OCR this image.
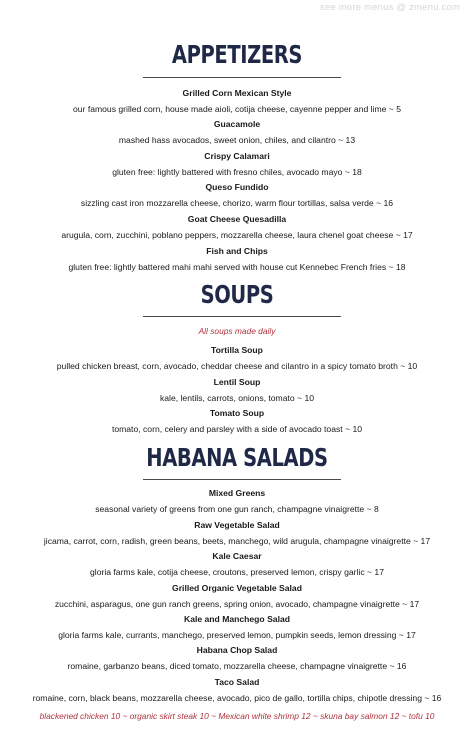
see more menus @ zmenu.com
APPETIZERS
Grilled Corn Mexican Style
our famous grilled corn, house made aioli, cotija cheese, cayenne pepper and lime ~ 5
Guacamole
mashed hass avocados, sweet onion, chiles, and cilantro ~ 13
Crispy Calamari
gluten free: lightly battered with fresno chiles, avocado mayo ~ 18
Queso Fundido
sizzling cast iron mozzarella cheese, chorizo, warm flour tortillas, salsa verde ~ 16
Goat Cheese Quesadilla
arugula, corn, zucchini, poblano peppers, mozzarella cheese, laura chenel goat cheese ~ 17
Fish and Chips
gluten free: lightly battered mahi mahi served with house cut Kennebec French fries ~ 18
SOUPS
All soups made daily
Tortilla Soup
pulled chicken breast, corn, avocado, cheddar cheese and cilantro in a spicy tomato broth ~ 10
Lentil Soup
kale, lentils, carrots, onions, tomato ~ 10
Tomato Soup
tomato, corn, celery and parsley with a side of avocado toast ~ 10
HABANA SALADS
Mixed Greens
seasonal variety of greens from one gun ranch, champagne vinaigrette ~ 8
Raw Vegetable Salad
jicama, carrot, corn, radish, green beans, beets, manchego, wild arugula, champagne vinaigrette ~ 17
Kale Caesar
gloria farms kale, cotija cheese, croutons, preserved lemon, crispy garlic ~ 17
Grilled Organic Vegetable Salad
zucchini, asparagus, one gun ranch greens, spring onion, avocado, champagne vinaigrette ~ 17
Kale and Manchego Salad
gloria farms kale, currants, manchego, preserved lemon, pumpkin seeds, lemon dressing ~ 17
Habana Chop Salad
romaine, garbanzo beans, diced tomato, mozzarella cheese, champagne vinaigrette ~ 16
Taco Salad
romaine, corn, black beans, mozzarella cheese, avocado, pico de gallo, tortilla chips, chipotle dressing ~ 16
blackened chicken 10 ~ organic skirt steak 10 ~ Mexican white shrimp 12 ~ skuna bay salmon 12 ~ tofu 10
